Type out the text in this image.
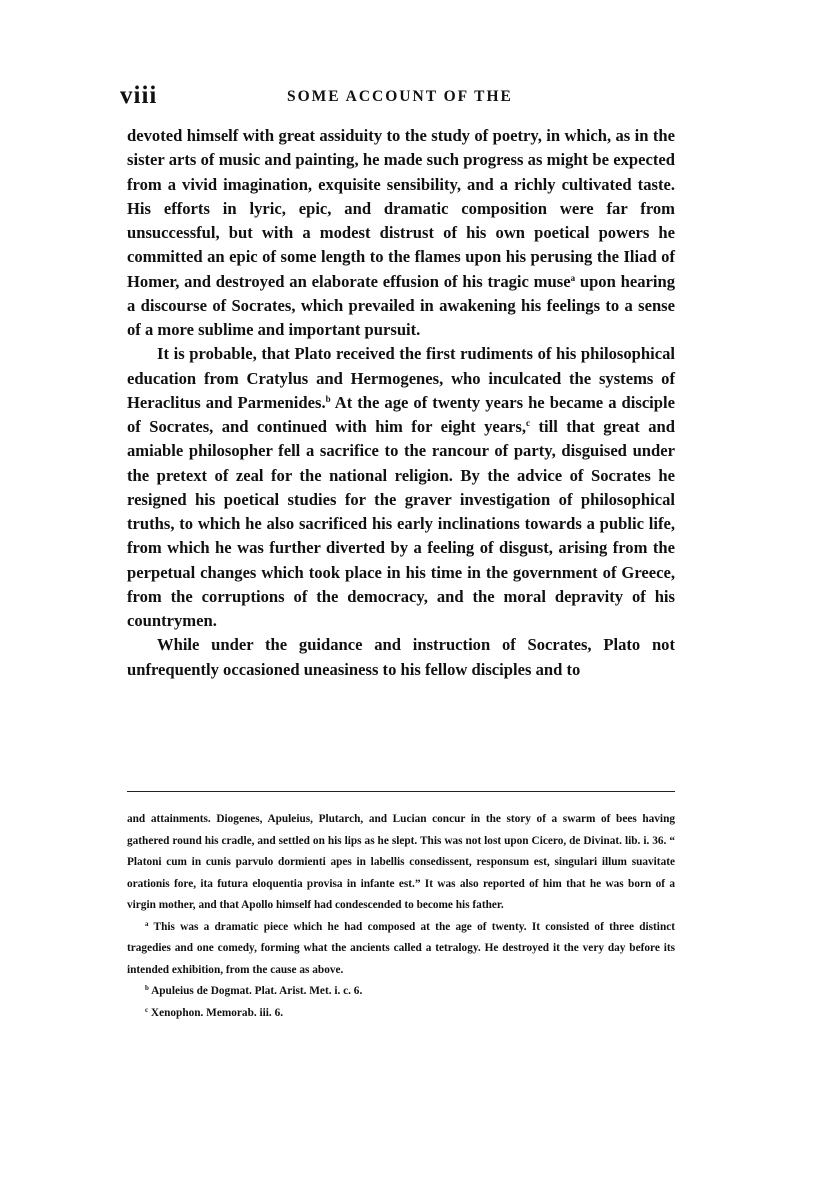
viii	SOME ACCOUNT OF THE

devoted himself with great assiduity to the study of poetry, in which, as in the sister arts of music and painting, he made such progress as might be expected from a vivid imagination, exquisite sensibility, and a richly cultivated taste. His efforts in lyric, epic, and dramatic composition were far from unsuccessful, but with a modest distrust of his own poetical powers he committed an epic of some length to the flames upon his perusing the Iliad of Homer, and destroyed an elaborate effusion of his tragic muse$^a$ upon hearing a discourse of Socrates, which prevailed in awakening his feelings to a sense of a more sublime and important pursuit.

It is probable, that Plato received the first rudiments of his philosophical education from Cratylus and Hermogenes, who inculcated the systems of Heraclitus and Parmenides.$^b$ At the age of twenty years he became a disciple of Socrates, and continued with him for eight years,$^c$ till that great and amiable philosopher fell a sacrifice to the rancour of party, disguised under the pretext of zeal for the national religion. By the advice of Socrates he resigned his poetical studies for the graver investigation of philosophical truths, to which he also sacrificed his early inclinations towards a public life, from which he was further diverted by a feeling of disgust, arising from the perpetual changes which took place in his time in the government of Greece, from the corruptions of the democracy, and the moral depravity of his countrymen.

While under the guidance and instruction of Socrates, Plato not unfrequently occasioned uneasiness to his fellow disciples and to

and attainments. Diogenes, Apuleius, Plutarch, and Lucian concur in the story of a swarm of bees having gathered round his cradle, and settled on his lips as he slept. This was not lost upon Cicero, de Divinat. lib. i. 36. “ Platoni cum in cunis parvulo dormienti apes in labellis consedissent, responsum est, singulari illum suavitate orationis fore, ita futura eloquentia provisa in infante est.” It was also reported of him that he was born of a virgin mother, and that Apollo himself had condescended to become his father.

$^a$ This was a dramatic piece which he had composed at the age of twenty. It consisted of three distinct tragedies and one comedy, forming what the ancients called a tetralogy. He destroyed it the very day before its intended exhibition, from the cause as above.

$^b$ Apuleius de Dogmat. Plat. Arist. Met. i. c. 6.

$^c$ Xenophon. Memorab. iii. 6.
